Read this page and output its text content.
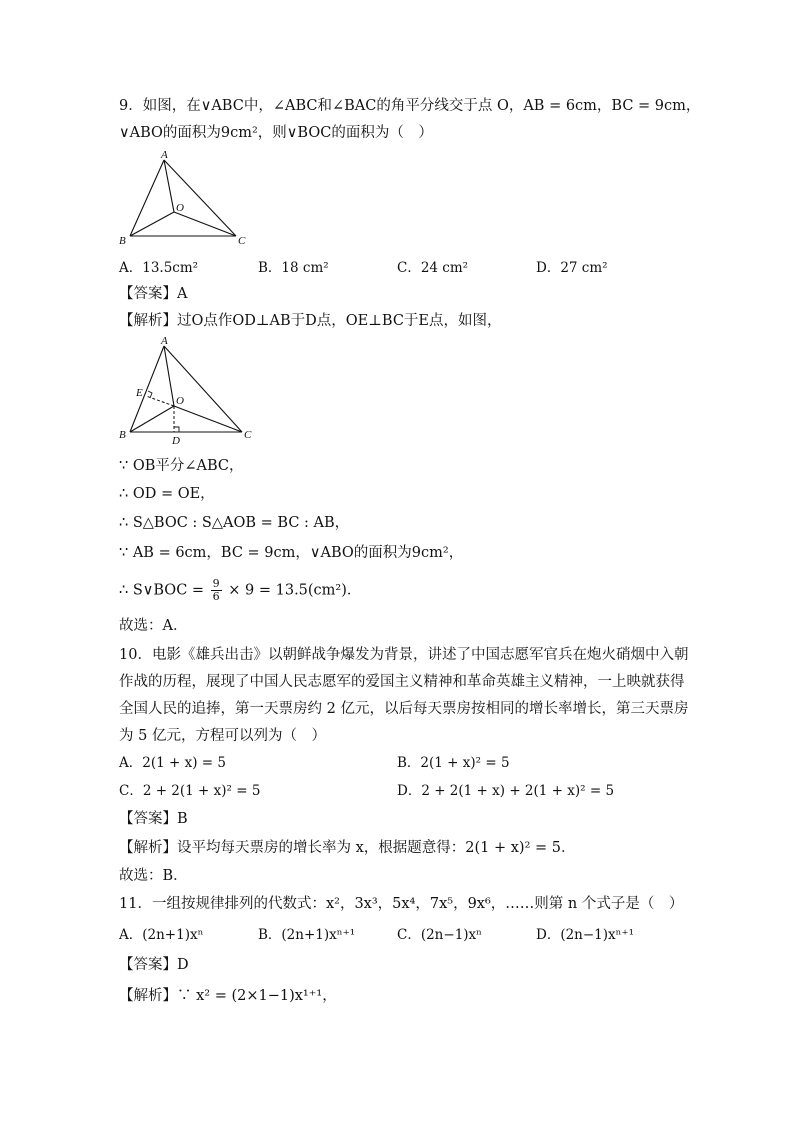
9．如图，在∨ABC中，∠ABC和∠BAC的角平分线交于点 O，AB = 6cm，BC = 9cm，
∨ABO的面积为9cm²，则∨BOC的面积为（　）
A
O
B	C
A．13.5cm²	B．18 cm²	C．24 cm²	D．27 cm²
【答案】A
【解析】过O点作OD⊥AB于D点，OE⊥BC于E点，如图，
A
E
O
B	D	C
∵ OB平分∠ABC，
∴ OD = OE，
∴ S△BOC : S△AOB = BC : AB，
∵ AB = 6cm，BC = 9cm，∨ABO的面积为9cm²，
∴ S∨BOC = $\frac{9}{6} \times 9 = 13.5(cm^2)$．
故选：A．
10．电影《雄兵出击》以朝鲜战争爆发为背景，讲述了中国志愿军官兵在炮火硝烟中入朝
作战的历程，展现了中国人民志愿军的爱国主义精神和革命英雄主义精神，一上映就获得
全国人民的追捧，第一天票房约 2 亿元，以后每天票房按相同的增长率增长，第三天票房
为 5 亿元，方程可以列为（　）
A．2(1 + x) = 5	B．2(1 + x)² = 5
C．2 + 2(1 + x)² = 5	D．2 + 2(1 + x) + 2(1 + x)² = 5
【答案】B
【解析】设平均每天票房的增长率为 x，根据题意得：2(1 + x)² = 5．
故选：B．
11．一组按规律排列的代数式：x²，3x³，5x⁴，7x⁵，9x⁶，……则第 n 个式子是（　）
A．(2n+1)xⁿ	B．(2n+1)xⁿ⁺¹	C．(2n−1)xⁿ	D．(2n−1)xⁿ⁺¹
【答案】D
【解析】∵ x² = (2×1−1)x¹⁺¹，
